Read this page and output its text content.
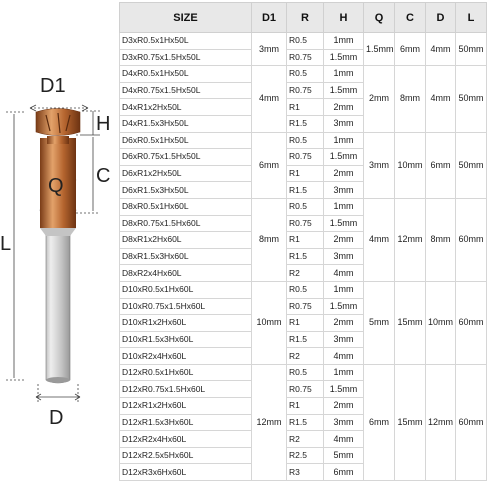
D1
H
C
Q
L
D
SIZE	D1	R	H	Q	C	D	L
D3xR0.5x1Hx50L	3mm	R0.5	1mm	1.5mm	6mm	4mm	50mm
D3xR0.75x1.5Hx50L		R0.75	1.5mm				
D4xR0.5x1Hx50L	4mm	R0.5	1mm	2mm	8mm	4mm	50mm
D4xR0.75x1.5Hx50L		R0.75	1.5mm				
D4xR1x2Hx50L		R1	2mm				
D4xR1.5x3Hx50L		R1.5	3mm				
D6xR0.5x1Hx50L	6mm	R0.5	1mm	3mm	10mm	6mm	50mm
D6xR0.75x1.5Hx50L		R0.75	1.5mm				
D6xR1x2Hx50L		R1	2mm				
D6xR1.5x3Hx50L		R1.5	3mm				
D8xR0.5x1Hx60L	8mm	R0.5	1mm	4mm	12mm	8mm	60mm
D8xR0.75x1.5Hx60L		R0.75	1.5mm				
D8xR1x2Hx60L		R1	2mm				
D8xR1.5x3Hx60L		R1.5	3mm				
D8xR2x4Hx60L		R2	4mm				
D10xR0.5x1Hx60L	10mm	R0.5	1mm	5mm	15mm	10mm	60mm
D10xR0.75x1.5Hx60L		R0.75	1.5mm				
D10xR1x2Hx60L		R1	2mm				
D10xR1.5x3Hx60L		R1.5	3mm				
D10xR2x4Hx60L		R2	4mm				
D12xR0.5x1Hx60L	12mm	R0.5	1mm	6mm	15mm	12mm	60mm
D12xR0.75x1.5Hx60L		R0.75	1.5mm				
D12xR1x2Hx60L		R1	2mm				
D12xR1.5x3Hx60L		R1.5	3mm				
D12xR2x4Hx60L		R2	4mm				
D12xR2.5x5Hx60L		R2.5	5mm				
D12xR3x6Hx60L		R3	6mm				
